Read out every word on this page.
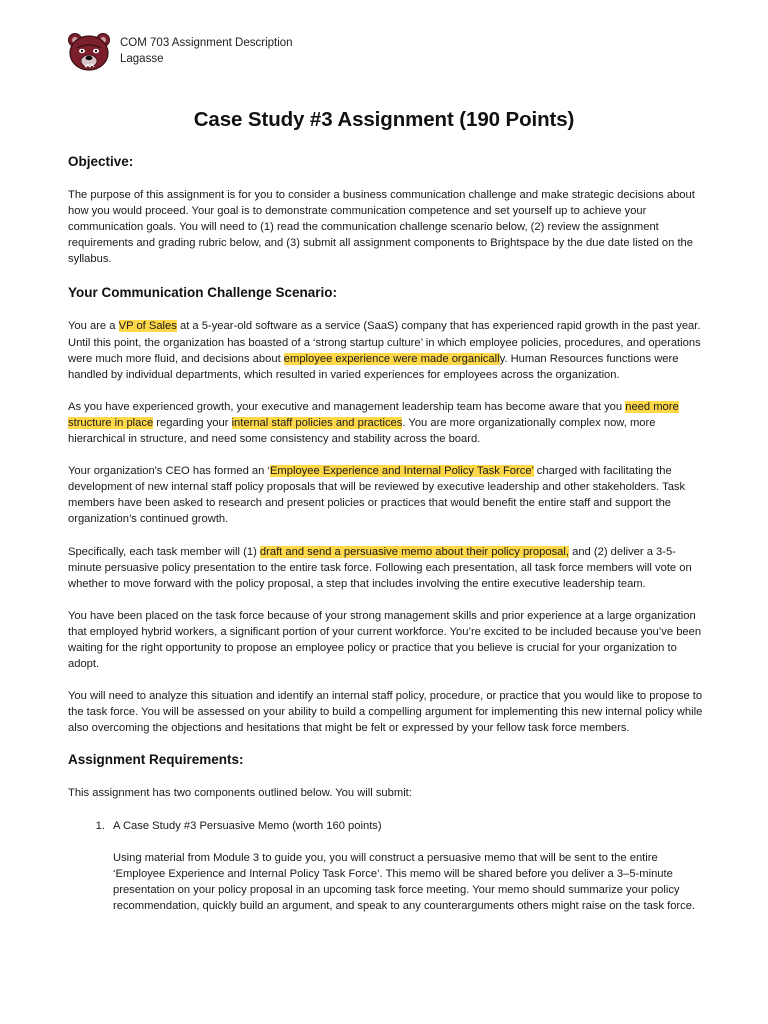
COM 703 Assignment Description
Lagasse
Case Study #3 Assignment (190 Points)
Objective:

The purpose of this assignment is for you to consider a business communication challenge and make strategic decisions about how you would proceed. Your goal is to demonstrate communication competence and set yourself up to achieve your communication goals. You will need to (1) read the communication challenge scenario below, (2) review the assignment requirements and grading rubric below, and (3) submit all assignment components to Brightspace by the due date listed on the syllabus.

Your Communication Challenge Scenario:

You are a VP of Sales at a 5-year-old software as a service (SaaS) company that has experienced rapid growth in the past year. Until this point, the organization has boasted of a ‘strong startup culture’ in which employee policies, procedures, and operations were much more fluid, and decisions about employee experience were made organically. Human Resources functions were handled by individual departments, which resulted in varied experiences for employees across the organization.

As you have experienced growth, your executive and management leadership team has become aware that you need more structure in place regarding your internal staff policies and practices. You are more organizationally complex now, more hierarchical in structure, and need some consistency and stability across the board.

Your organization's CEO has formed an ‘Employee Experience and Internal Policy Task Force’ charged with facilitating the development of new internal staff policy proposals that will be reviewed by executive leadership and other stakeholders. Task members have been asked to research and present policies or practices that would benefit the entire staff and support the organization’s continued growth.

Specifically, each task member will (1) draft and send a persuasive memo about their policy proposal, and (2) deliver a 3-5-minute persuasive policy presentation to the entire task force. Following each presentation, all task force members will vote on whether to move forward with the policy proposal, a step that includes involving the entire executive leadership team.

You have been placed on the task force because of your strong management skills and prior experience at a large organization that employed hybrid workers, a significant portion of your current workforce. You’re excited to be included because you’ve been waiting for the right opportunity to propose an employee policy or practice that you believe is crucial for your organization to adopt.

You will need to analyze this situation and identify an internal staff policy, procedure, or practice that you would like to propose to the task force. You will be assessed on your ability to build a compelling argument for implementing this new internal policy while also overcoming the objections and hesitations that might be felt or expressed by your fellow task force members.

Assignment Requirements:

This assignment has two components outlined below. You will submit:

1. A Case Study #3 Persuasive Memo (worth 160 points)
Using material from Module 3 to guide you, you will construct a persuasive memo that will be sent to the entire ‘Employee Experience and Internal Policy Task Force’. This memo will be shared before you deliver a 3–5-minute presentation on your policy proposal in an upcoming task force meeting. Your memo should summarize your policy recommendation, quickly build an argument, and speak to any counterarguments others might raise on the task force.
